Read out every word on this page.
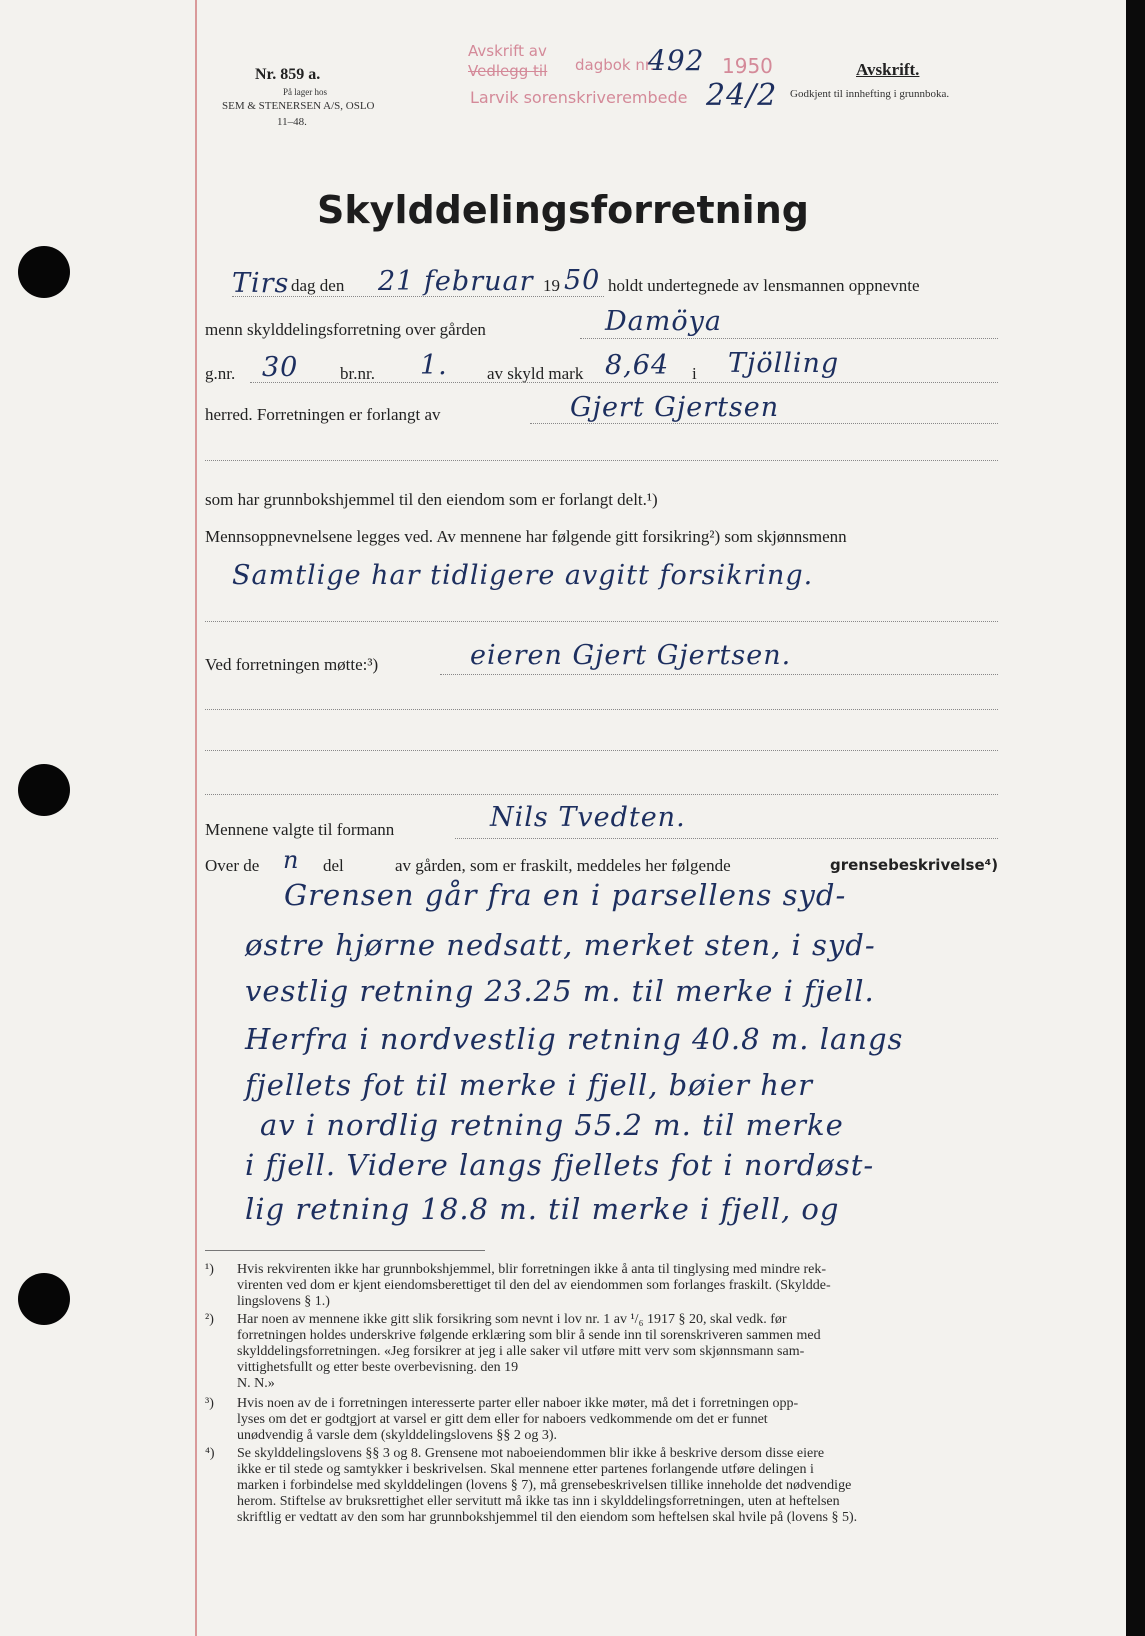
Nr. 859 a.
På lager hos
SEM & STENERSEN A/S, OSLO
11–48.
Avskrift av
Vedlegg til dagbok nr.
492 1950
Larvik sorenskriverembede 24/2
Avskrift.
Godkjent til innhefting i grunnboka.
Skylddelingsforretning
Tirs dag den 21 februar 19 50 holdt undertegnede av lensmannen oppnevnte
menn skylddelingsforretning over gården	Damöya
g.nr. 30 br.nr. 1. av skyld mark 8,64 i Tjölling
herred. Forretningen er forlangt av	Gjert Gjertsen
som har grunnbokshjemmel til den eiendom som er forlangt delt.¹)
Mennsoppnevnelsene legges ved. Av mennene har følgende gitt forsikring²) som skjønnsmenn
Samtlige har tidligere avgitt forsikring.
Ved forretningen møtte:³)	eieren Gjert Gjertsen.
Mennene valgte til formann	Nils Tvedten.
Over de n del	av gården, som er fraskilt, meddeles her følgende	grensebeskrivelse⁴)
Grensen går fra en i parsellens syd-
østre hjørne nedsatt, merket sten, i syd-
vestlig retning 23.25 m. til merke i fjell.
Herfra i nordvestlig retning 40.8 m. langs
fjellets fot til merke i fjell, bøier her
av i nordlig retning 55.2 m. til merke
i fjell. Videre langs fjellets fot i nordøst-
lig retning 18.8 m. til merke i fjell, og
¹) Hvis rekvirenten ikke har grunnbokshjemmel, blir forretningen ikke å anta til tinglysing med mindre rek-
virenten ved dom er kjent eiendomsberettiget til den del av eiendommen som forlanges fraskilt. (Skyldde-
lingslovens § 1.)
²) Har noen av mennene ikke gitt slik forsikring som nevnt i lov nr. 1 av ¹/₆ 1917 § 20, skal vedk. før
forretningen holdes underskrive følgende erklæring som blir å sende inn til sorenskriveren sammen med
skylddelingsforretningen. «Jeg forsikrer at jeg i alle saker vil utføre mitt verv som skjønnsmann sam-
vittighetsfullt og etter beste overbevisning. den 19
N. N.»
³) Hvis noen av de i forretningen interesserte parter eller naboer ikke møter, må det i forretningen opp-
lyses om det er godtgjort at varsel er gitt dem eller for naboers vedkommende om det er funnet
unødvendig å varsle dem (skylddelingslovens §§ 2 og 3).
⁴) Se skylddelingslovens §§ 3 og 8. Grensene mot naboeiendommen blir ikke å beskrive dersom disse eiere
ikke er til stede og samtykker i beskrivelsen. Skal mennene etter partenes forlangende utføre delingen i
marken i forbindelse med skylddelingen (lovens § 7), må grensebeskrivelsen tillike inneholde det nødvendige
herom. Stiftelse av bruksrettighet eller servitutt må ikke tas inn i skylddelingsforretningen, uten at heftelsen
skriftlig er vedtatt av den som har grunnbokshjemmel til den eiendom som heftelsen skal hvile på (lovens § 5).
